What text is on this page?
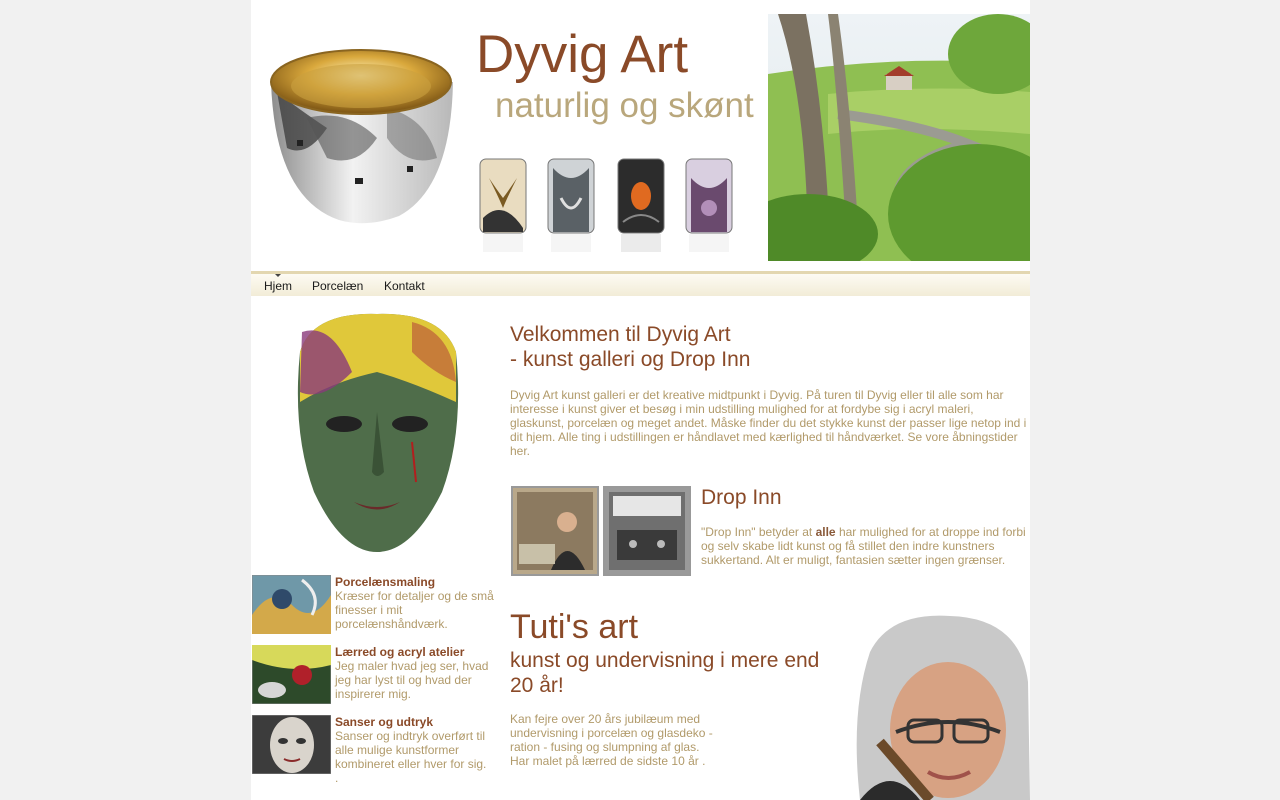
Dyvig Art
naturlig og skønt
Hjem Porcelæn Kontakt
Porcelænsmaling
Kræser for detaljer og de små finesser i mit porcelænshåndværk.
Lærred og acryl atelier
Jeg maler hvad jeg ser, hvad jeg har lyst til og hvad der inspirerer mig.
Sanser og udtryk
Sanser og indtryk overført til alle mulige kunstformer kombineret eller hver for sig.
.
Velkommen til Dyvig Art
- kunst galleri og Drop Inn
Dyvig Art kunst galleri er det kreative midtpunkt i Dyvig. På turen til Dyvig eller til alle som har interesse i kunst giver et besøg i min udstilling mulighed for at fordybe sig i acryl maleri, glaskunst, porcelæn og meget andet. Måske finder du det stykke kunst der passer lige netop ind i dit hjem. Alle ting i udstillingen er håndlavet med kærlighed til håndværket. Se vore åbningstider her.
Drop Inn
"Drop Inn" betyder at alle har mulighed for at droppe ind forbi og selv skabe lidt kunst og få stillet den indre kunstners sukkertand. Alt er muligt, fantasien sætter ingen grænser.
Tuti's art
kunst og undervisning i mere end 20 år!
Kan fejre over 20 års jubilæum med
undervisning i porcelæn og glasdeko -
ration - fusing og slumpning af glas.
Har malet på lærred de sidste 10 år .
